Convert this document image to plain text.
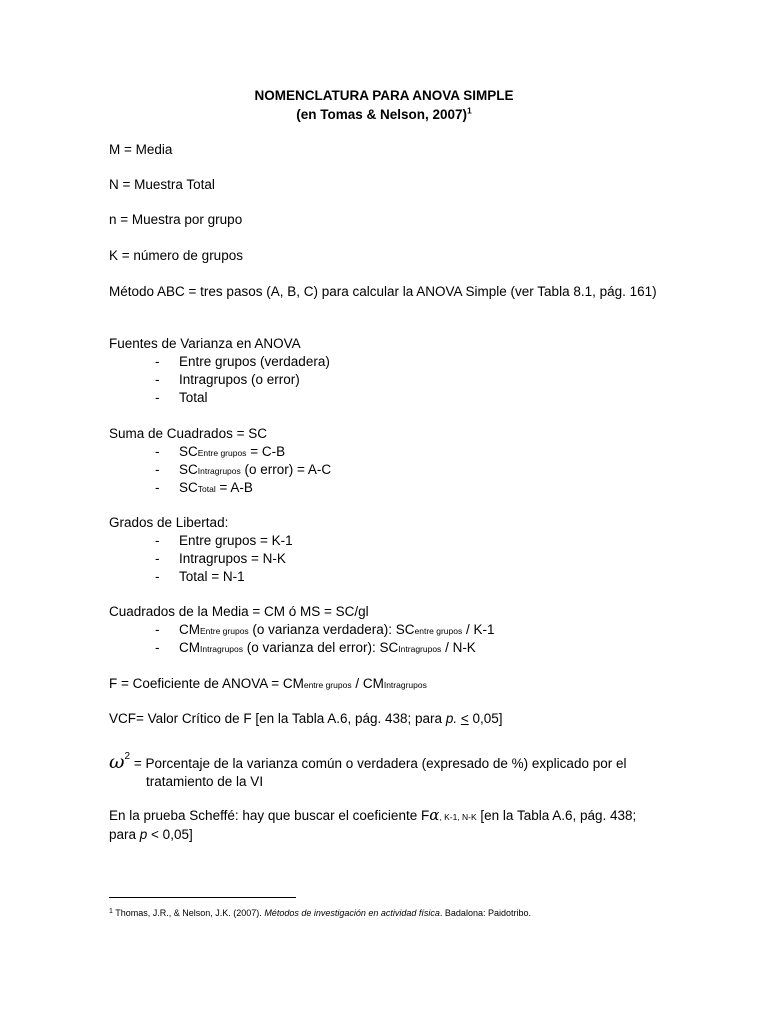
NOMENCLATURA PARA ANOVA SIMPLE
(en Tomas & Nelson, 2007)$^1$
M = Media
N = Muestra Total
n = Muestra por grupo
K = número de grupos
Método ABC = tres pasos (A, B, C) para calcular la ANOVA Simple (ver Tabla 8.1, pág. 161)
Fuentes de Varianza en ANOVA
- Entre grupos (verdadera)
- Intragrupos (o error)
- Total
Suma de Cuadrados = SC
- SCEntre grupos = C-B
- SCIntragrupos (o error) = A-C
- SCTotal = A-B
Grados de Libertad:
- Entre grupos = K-1
- Intragrupos = N-K
- Total = N-1
Cuadrados de la Media = CM ó MS = SC/gl
- CMEntre grupos (o varianza verdadera): SCentre grupos / K-1
- CMIntragrupos (o varianza del error): SCIntragrupos / N-K
F = Coeficiente de ANOVA = CMentre grupos / CMIntragrupos
VCF= Valor Crítico de F [en la Tabla A.6, pág. 438; para p. < 0,05]
$\omega^2$ = Porcentaje de la varianza común o verdadera (expresado de %) explicado por el
tratamiento de la VI
En la prueba Scheffé: hay que buscar el coeficiente Fα, K-1, N-K [en la Tabla A.6, pág. 438;
para p < 0,05]
$^1$ Thomas, J.R., & Nelson, J.K. (2007). Métodos de investigación en actividad física. Badalona: Paidotribo.
